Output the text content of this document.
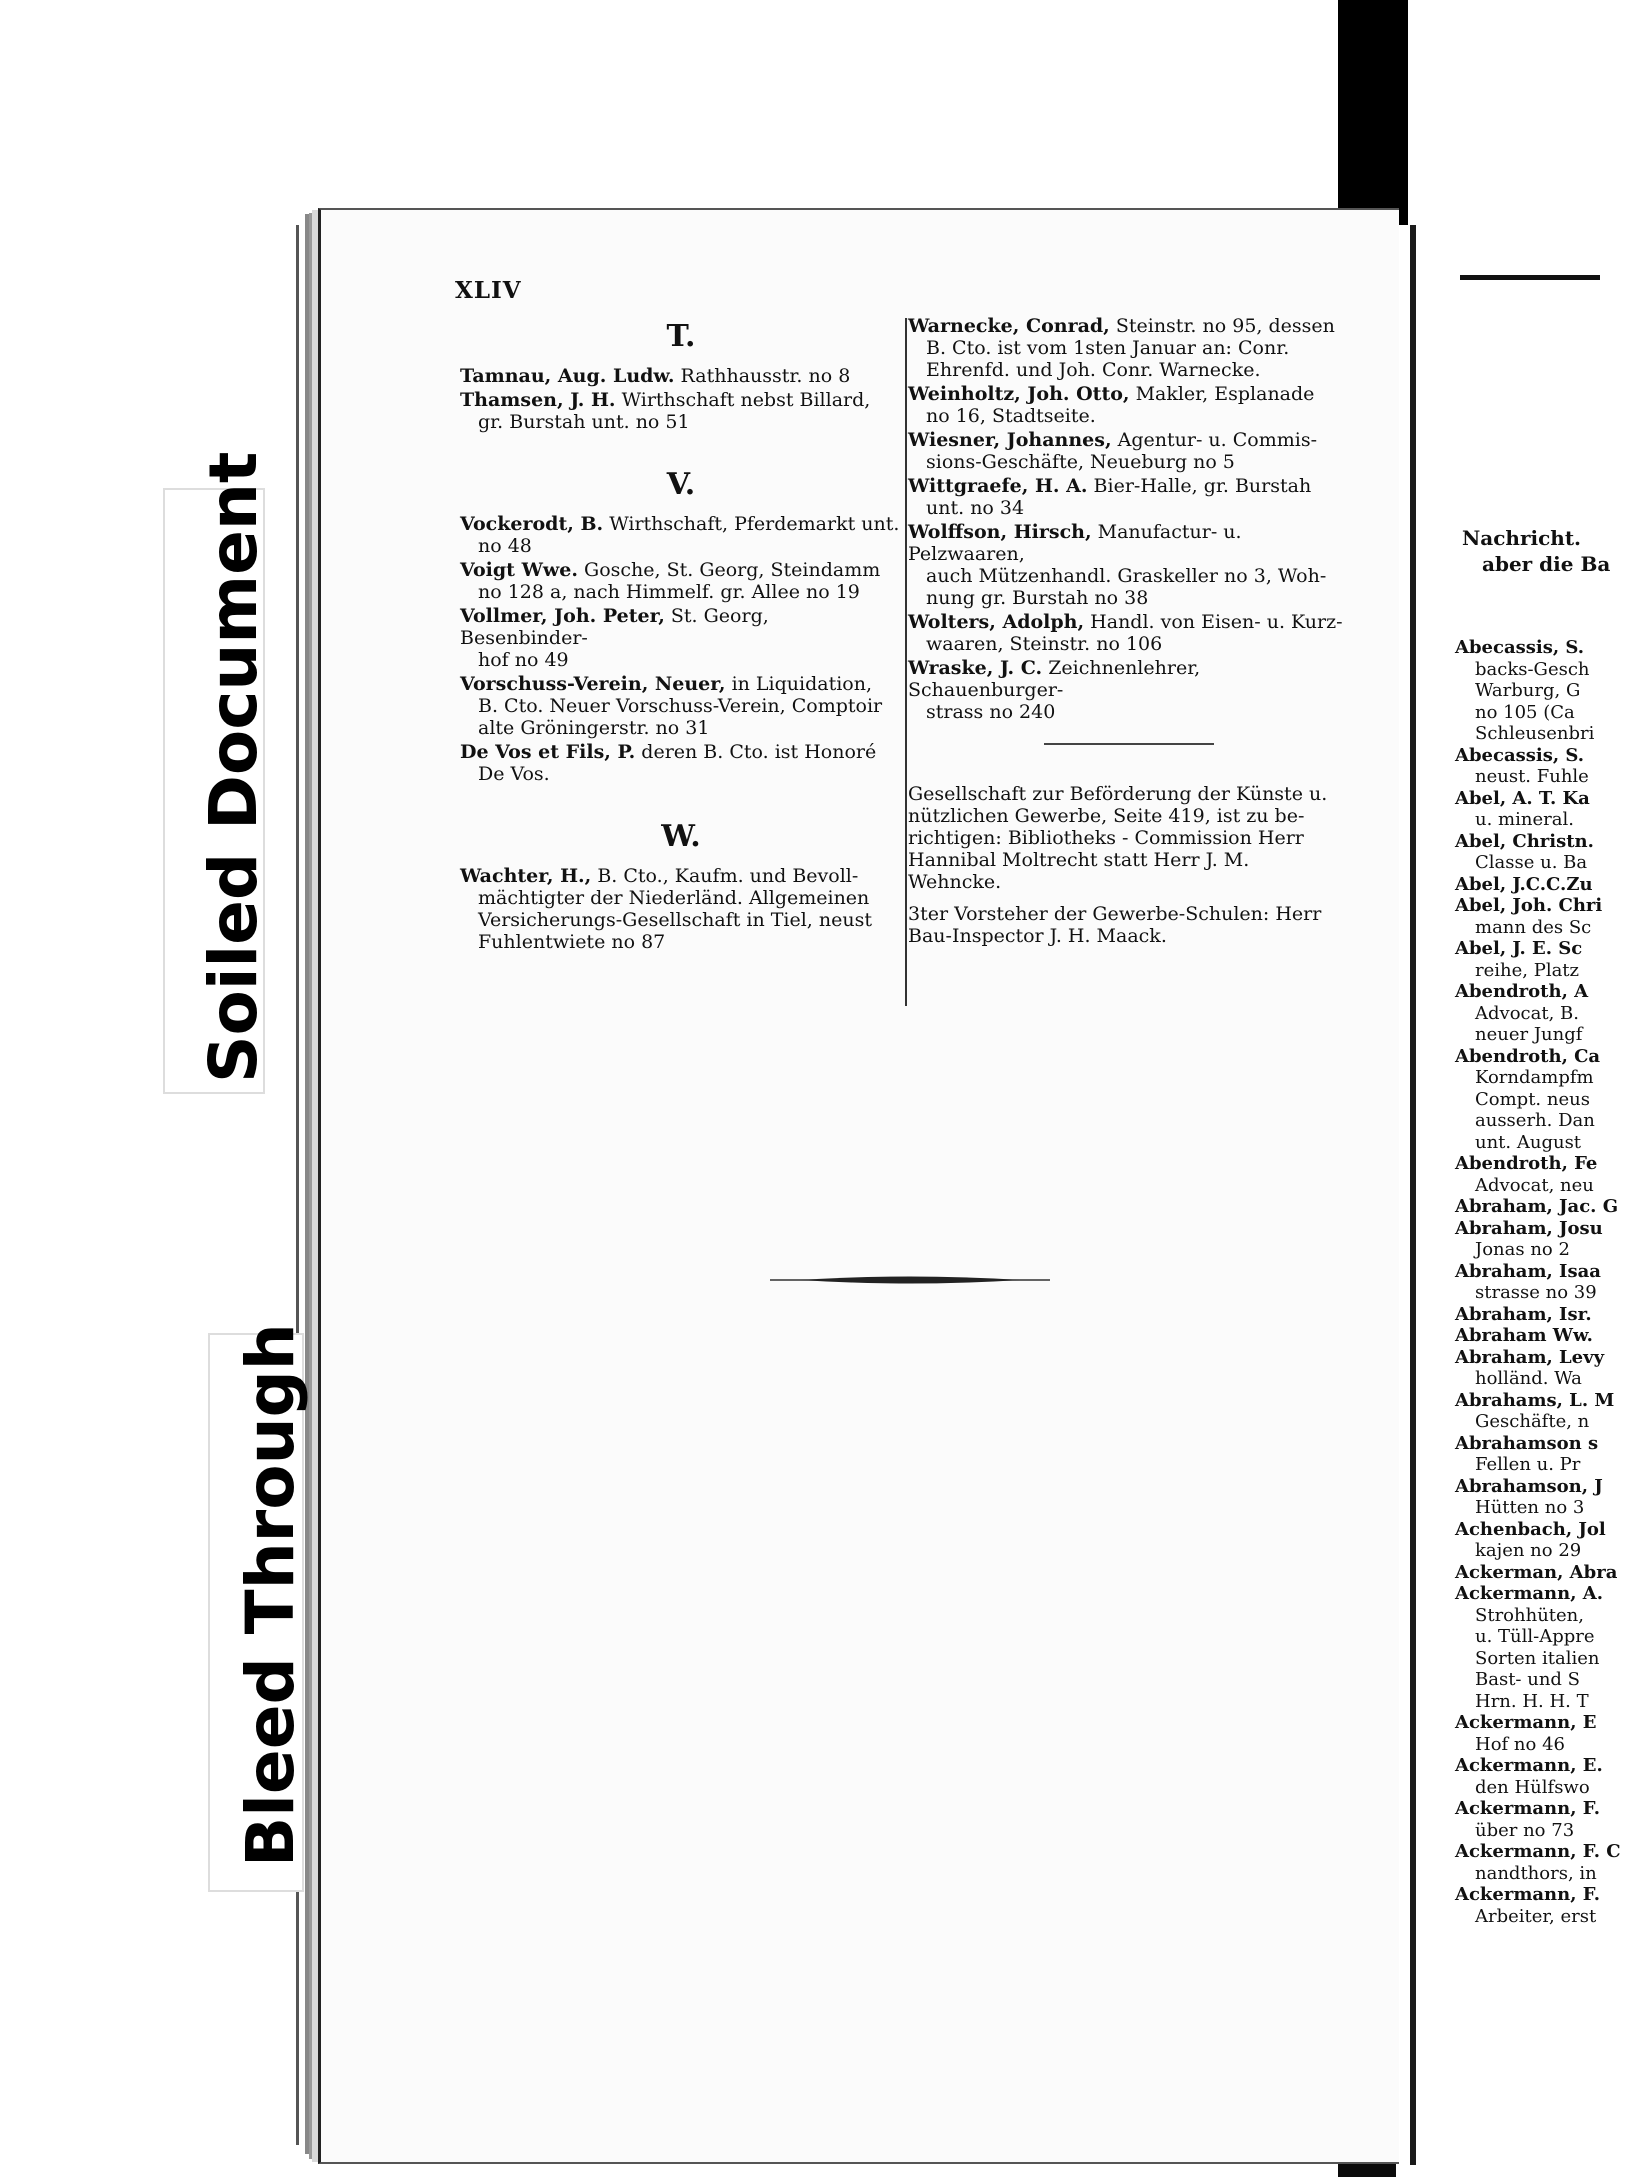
XLIV
T.

Tamnau, Aug. Ludw. Rathhausstr. no 8

Thamsen, J. H. Wirthschaft nebst Billard,

gr. Burstah unt. no 51
V.

Vockerodt, B. Wirthschaft, Pferdemarkt unt.

no 48

Voigt Wwe. Gosche, St. Georg, Steindamm

no 128 a, nach Himmelf. gr. Allee no 19

Vollmer, Joh. Peter, St. Georg, Besenbinder-

hof no 49

Vorschuss-Verein, Neuer, in Liquidation,

B. Cto. Neuer Vorschuss-Verein, Comptoir
alte Gröningerstr. no 31

De Vos et Fils, P. deren B. Cto. ist Honoré

De Vos.
W.

Wachter, H., B. Cto., Kaufm. und Bevoll-

mächtigter der Niederländ. Allgemeinen
Versicherungs-Gesellschaft in Tiel, neust
Fuhlentwiete no 87

Warnecke, Conrad, Steinstr. no 95, dessen

B. Cto. ist vom 1sten Januar an: Conr.
Ehrenfd. und Joh. Conr. Warnecke.

Weinholtz, Joh. Otto, Makler, Esplanade

no 16, Stadtseite.

Wiesner, Johannes, Agentur- u. Commis-

sions-Geschäfte, Neueburg no 5

Wittgraefe, H. A. Bier-Halle, gr. Burstah

unt. no 34

Wolffson, Hirsch, Manufactur- u. Pelzwaaren,

auch Mützenhandl. Graskeller no 3, Woh-
nung gr. Burstah no 38

Wolters, Adolph, Handl. von Eisen- u. Kurz-

waaren, Steinstr. no 106

Wraske, J. C. Zeichnenlehrer, Schauenburger-

strass no 240
Gesellschaft zur Beförderung der Künste u.
nützlichen Gewerbe, Seite 419, ist zu be-
richtigen: Bibliotheks - Commission Herr
Hannibal Moltrecht statt Herr J. M.
Wehncke.
3ter Vorsteher der Gewerbe-Schulen: Herr
Bau-Inspector J. H. Maack.
Nachricht.
aber die Ba
Abecassis, S.
backs-Gesch
Warburg, G
no 105 (Ca
Schleusenbri
Abecassis, S.
neust. Fuhle
Abel, A. T. Ka
u. mineral.
Abel, Christn.
Classe u. Ba
Abel, J.C.C.Zu
Abel, Joh. Chri
mann des Sc
Abel, J. E. Sc
reihe, Platz
Abendroth, A
Advocat, B.
neuer Jungf
Abendroth, Ca
Korndampfm
Compt. neus
ausserh. Dan
unt. August
Abendroth, Fe
Advocat, neu
Abraham, Jac. G
Abraham, Josu
Jonas no 2
Abraham, Isaa
strasse no 39
Abraham, Isr.
Abraham Ww.
Abraham, Levy
holländ. Wa
Abrahams, L. M
Geschäfte, n
Abrahamson s
Fellen u. Pr
Abrahamson, J
Hütten no 3
Achenbach, Jol
kajen no 29
Ackerman, Abra
Ackermann, A.
Strohhüten,
u. Tüll-Appre
Sorten italien
Bast- und S
Hrn. H. H. T
Ackermann, E
Hof no 46
Ackermann, E.
den Hülfswo
Ackermann, F.
über no 73
Ackermann, F. C
nandthors, in
Ackermann, F.
Arbeiter, erst
Soiled Document
Bleed Through
